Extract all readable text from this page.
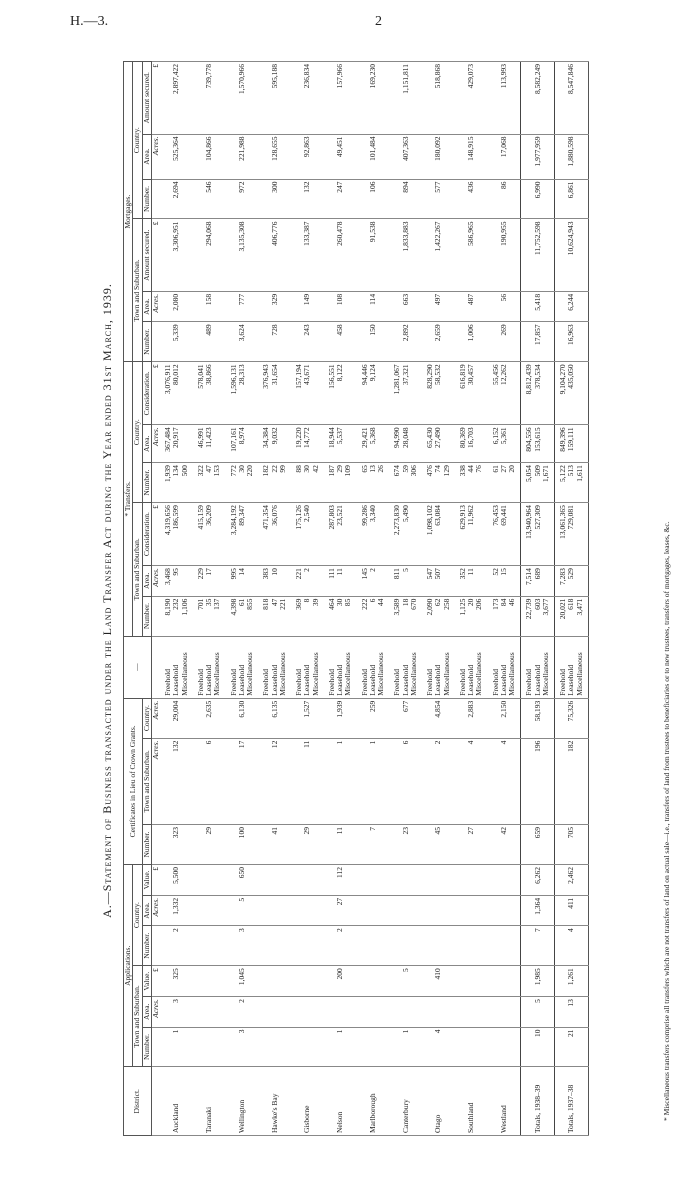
H.—3.	2
A.—Statement of Business transacted under the Land Transfer Act during the Year ended 31st March, 1939.
District.	Applications.						Certificates in Lieu of Crown Grants.			—	* Transfers.						Mortgages.					
	Town and Suburban.			Country.							Town and Suburban.			Country.			Town and Suburban.			Country.		
	Number.	Area.	Value.	Number.	Area.	Value.	Number.	Town and Suburban.	Country.		Number.	Area.	Consideration.	Number.	Area.	Consideration.	Number.	Area.	Amount secured.	Number.	Area.	Amount secured.
		Acres.	£		Acres.	£		Acres.	Acres.			Acres.	£		Acres.	£		Acres.	£		Acres.	£
										Freehold	8,190	3,468	4,319,656	1,939	367,484	3,076,911						
Auckland	1	3	325	2	1,332	5,500	323	132	29,004	Leasehold	232	95	186,599	134	20,917	80,012	5,339	2,080	3,306,951	2,694	525,364	2,897,422
										Miscellaneous	1,106			500								
										Freehold	701	229	415,159	322	46,991	578,041						
Taranaki							29	6	2,635	Leasehold	35	17	36,209	47	11,423	38,866	489	158	294,068	546	104,866	739,778
										Miscellaneous	137			153								
										Freehold	4,398	995	3,284,192	772	107,161	1,596,131						
Wellington	3	2	1,045	3	5	650	100	17	6,130	Leasehold	61	14	89,347	30	8,974	28,313	3,624	777	3,135,308	972	221,988	1,570,966
										Miscellaneous	855			220								
										Freehold	818	383	471,354	182	34,384	376,943						
Hawke's Bay							41	12	6,135	Leasehold	47	10	36,076	22	9,032	31,654	728	329	406,776	300	128,655	595,188
										Miscellaneous	221			99								
										Freehold	369	221	175,126	88	19,220	157,194						
Gisborne							29	11	1,527	Leasehold	8	2	2,540	30	14,772	43,671	243	149	133,387	132	92,863	236,834
										Miscellaneous	39			42								
										Freehold	464	111	287,803	187	18,944	156,551						
Nelson	1		200	2	27	112	11	1	1,939	Leasehold	30	11	23,521	29	5,537	8,122	458	108	260,478	247	49,451	157,966
										Miscellaneous	85			109								
										Freehold	222	145	99,286	65	29,421	94,446						
Marlborough							7	1	259	Leasehold	6	2	3,340	13	5,368	9,124	150	114	91,538	106	101,484	169,230
										Miscellaneous	44			26								
										Freehold	3,589	811	2,273,830	674	94,990	1,281,067						
Canterbury	1		5				23	6	677	Leasehold	18	5	5,490	59	28,048	37,321	2,892	663	1,833,883	894	407,363	1,151,811
										Miscellaneous	670			306								
										Freehold	2,090	547	1,098,102	476	65,430	828,290						
Otago	4		410				45	2	4,854	Leasehold	62	507	63,084	74	27,490	58,532	2,659	497	1,422,267	577	180,092	518,868
										Miscellaneous	258			129								
										Freehold	1,125	352	629,913	338	80,369	616,819						
Southland							27	4	2,883	Leasehold	20	11	11,962	44	16,703	30,457	1,006	487	586,965	436	148,915	429,073
										Miscellaneous	206			76								
										Freehold	173	52	76,453	61	6,152	55,456						
Westland							42	4	2,150	Leasehold	84	15	69,441	27	5,361	12,262	269	56	190,955	86	17,068	113,993
										Miscellaneous	46			20								
										Freehold	22,739	7,514	13,940,964	5,054	804,556	8,812,439						
Totals, 1938–39	10	5	1,985	7	1,364	6,262	659	196	58,193	Leasehold	603	689	527,309	509	153,615	378,534	17,857	5,418	11,752,598	6,990	1,977,959	8,582,249
										Miscellaneous	3,677			1,671								
										Freehold	20,021	7,283	13,061,365	5,122	849,396	9,104,270						
Totals, 1937–38	21	13	1,261	4	411	2,462	705	182	75,326	Leasehold	618	529	729,081	513	159,111	435,050	16,963	6,244	10,624,943	6,861	1,880,598	8,547,846
										Miscellaneous	3,471			1,611								
* Miscellaneous transfers comprise all transfers which are not transfers of land on actual sale—i.e., transfers of land from trustees to beneficiaries or to new trustees, transfers of mortgages, leases, &c.
